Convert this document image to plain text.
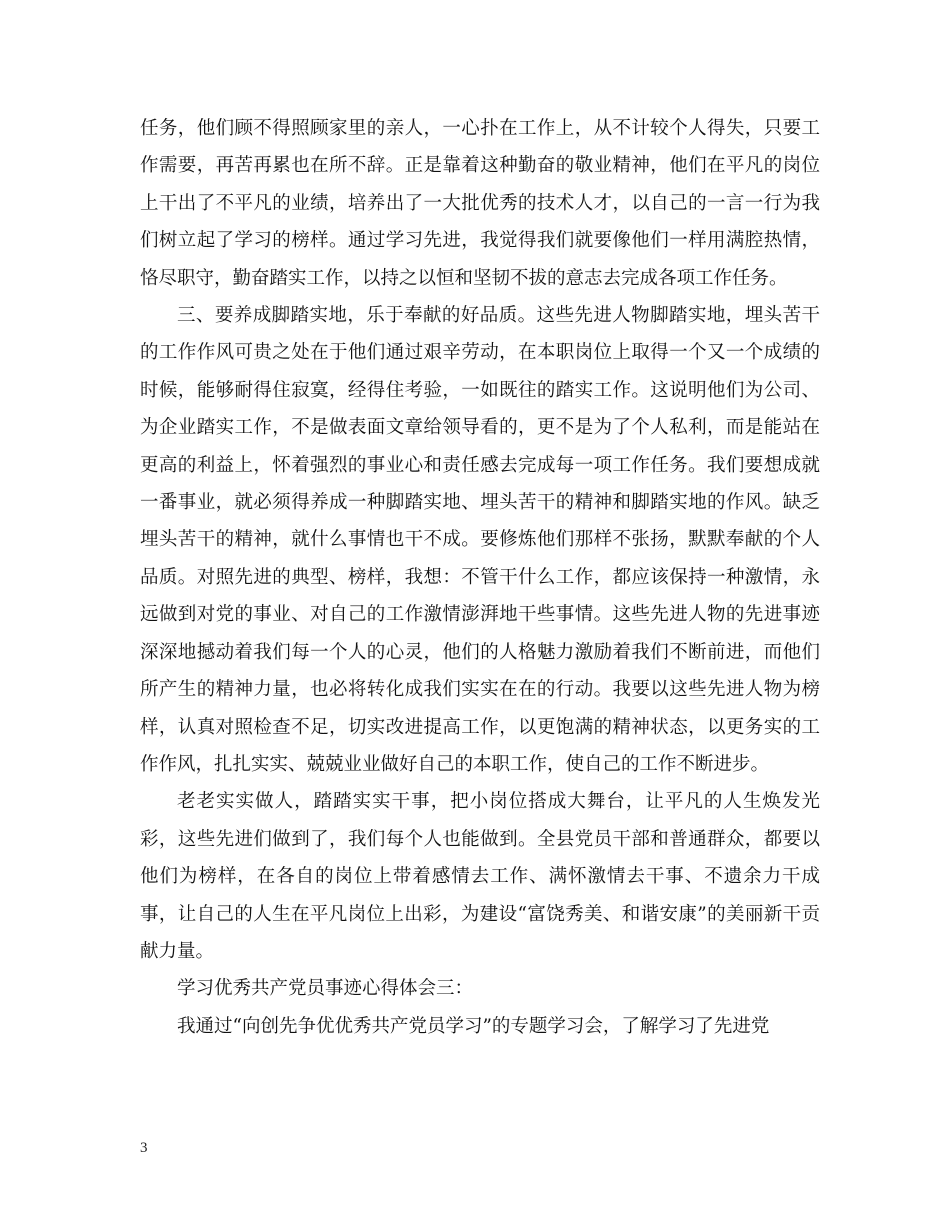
任务，他们顾不得照顾家里的亲人，一心扑在工作上，从不计较个人得失，只要工作需要，再苦再累也在所不辞。正是靠着这种勤奋的敬业精神，他们在平凡的岗位上干出了不平凡的业绩，培养出了一大批优秀的技术人才，以自己的一言一行为我们树立起了学习的榜样。通过学习先进，我觉得我们就要像他们一样用满腔热情，恪尽职守，勤奋踏实工作，以持之以恒和坚韧不拔的意志去完成各项工作任务。

三、要养成脚踏实地，乐于奉献的好品质。这些先进人物脚踏实地，埋头苦干的工作作风可贵之处在于他们通过艰辛劳动，在本职岗位上取得一个又一个成绩的时候，能够耐得住寂寞，经得住考验，一如既往的踏实工作。这说明他们为公司、为企业踏实工作，不是做表面文章给领导看的，更不是为了个人私利，而是能站在更高的利益上，怀着强烈的事业心和责任感去完成每一项工作任务。我们要想成就一番事业，就必须得养成一种脚踏实地、埋头苦干的精神和脚踏实地的作风。缺乏埋头苦干的精神，就什么事情也干不成。要修炼他们那样不张扬，默默奉献的个人品质。对照先进的典型、榜样，我想：不管干什么工作，都应该保持一种激情，永远做到对党的事业、对自己的工作激情澎湃地干些事情。这些先进人物的先进事迹深深地撼动着我们每一个人的心灵，他们的人格魅力激励着我们不断前进，而他们所产生的精神力量，也必将转化成我们实实在在的行动。我要以这些先进人物为榜样，认真对照检查不足，切实改进提高工作，以更饱满的精神状态，以更务实的工作作风，扎扎实实、兢兢业业做好自己的本职工作，使自己的工作不断进步。

老老实实做人，踏踏实实干事，把小岗位搭成大舞台，让平凡的人生焕发光彩，这些先进们做到了，我们每个人也能做到。全县党员干部和普通群众，都要以他们为榜样，在各自的岗位上带着感情去工作、满怀激情去干事、不遗余力干成事，让自己的人生在平凡岗位上出彩，为建设“富饶秀美、和谐安康”的美丽新干贡献力量。

学习优秀共产党员事迹心得体会三：

我通过“向创先争优优秀共产党员学习”的专题学习会，了解学习了先进党

3
